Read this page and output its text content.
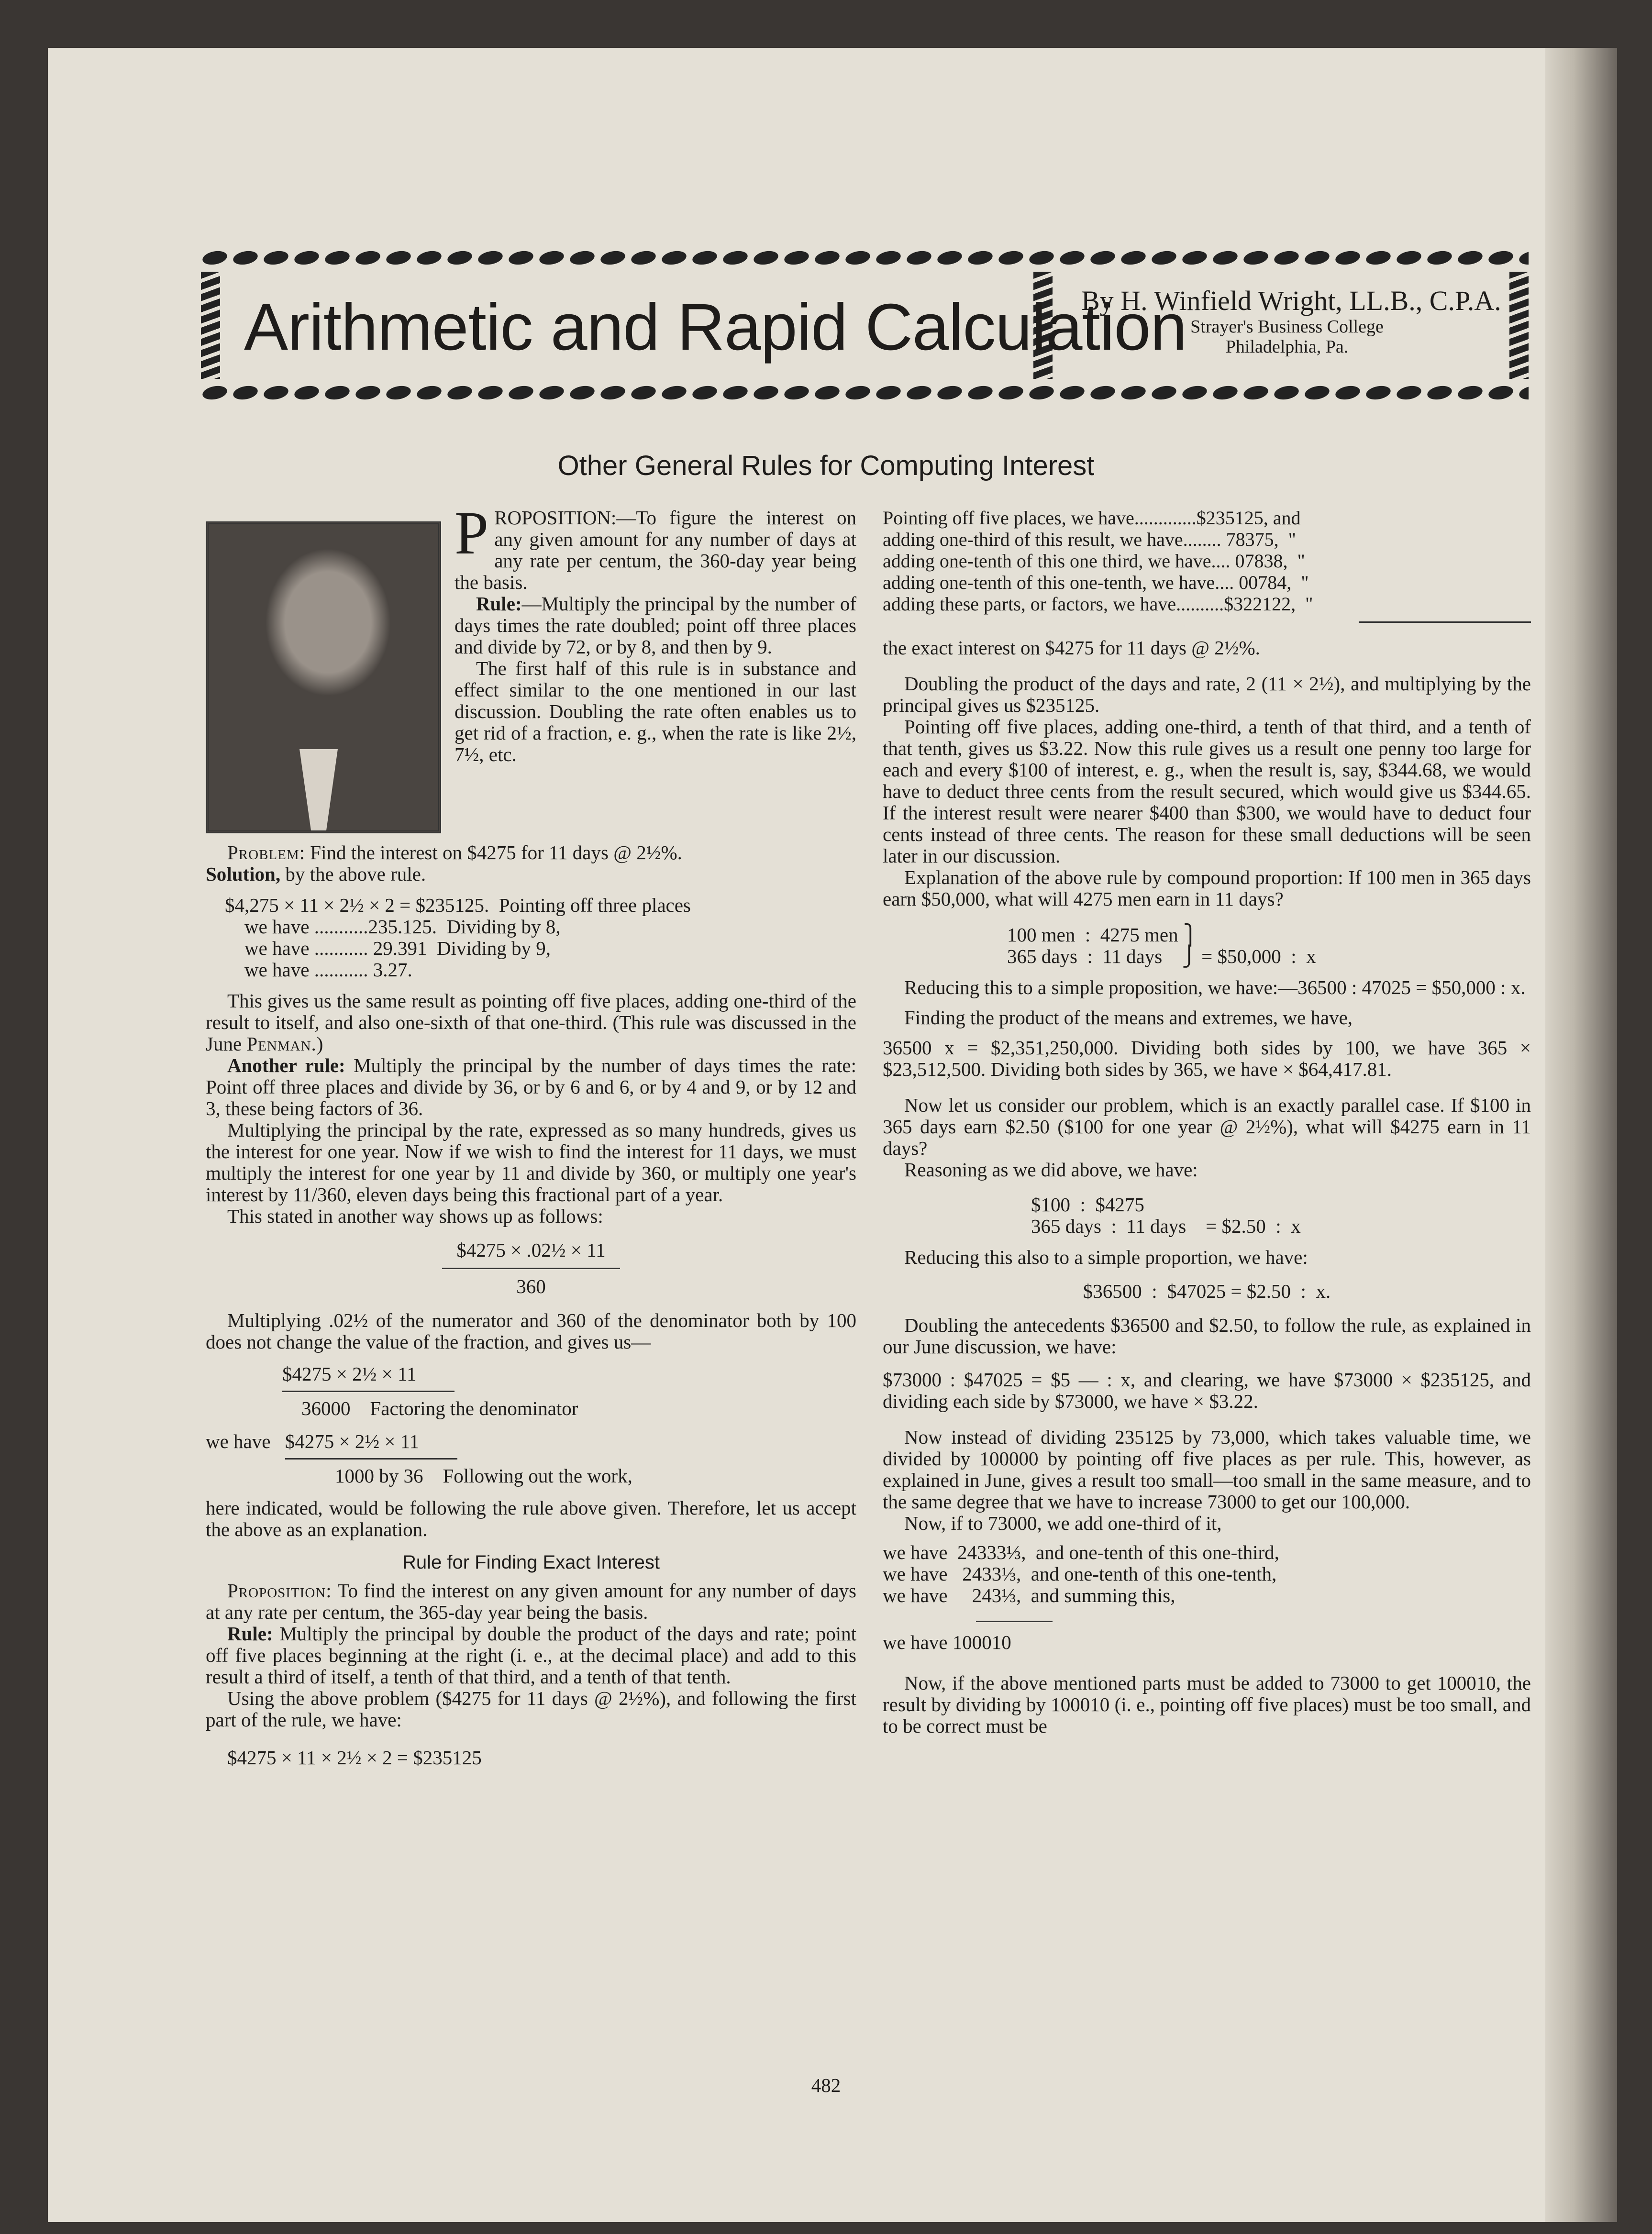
Arithmetic and Rapid Calculation
By H. Winfield Wright, LL.B., C.P.A.
Strayer's Business College
Philadelphia, Pa.
Other General Rules for Computing Interest

PROPOSITION:—To figure the interest on any given amount for any number of days at any rate per centum, the 360-day year being the basis.

Rule:—Multiply the principal by the number of days times the rate doubled; point off three places and divide by 72, or by 8, and then by 9.

The first half of this rule is in substance and effect similar to the one mentioned in our last discussion. Doubling the rate often enables us to get rid of a fraction, e. g., when the rate is like 2½, 7½, etc.

Problem: Find the interest on $4275 for 11 days @ 2½%.

Solution, by the above rule.

$4,275 × 11 × 2½ × 2 = $235125.  Pointing off three places
we have ...........235.125.  Dividing by 8,
we have ........... 29.391  Dividing by 9,
we have ........... 3.27.

This gives us the same result as pointing off five places, adding one-third of the result to itself, and also one-sixth of that one-third. (This rule was discussed in the June Penman.)

Another rule: Multiply the principal by the number of days times the rate: Point off three places and divide by 36, or by 6 and 6, or by 4 and 9, or by 12 and 3, these being factors of 36.

Multiplying the principal by the rate, expressed as so many hundreds, gives us the interest for one year. Now if we wish to find the interest for 11 days, we must multiply the interest for one year by 11 and divide by 360, or multiply one year's interest by 11/360, eleven days being this fractional part of a year.

This stated in another way shows up as follows:

$4275 × .02½ × 11
360

Multiplying .02½ of the numerator and 360 of the denominator both by 100 does not change the value of the fraction, and gives us—

$4275 × 2½ × 11
36000    Factoring the denominator
we have $4275 × 2½ × 11
1000 by 36    Following out the work,

here indicated, would be following the rule above given. Therefore, let us accept the above as an explanation.

Rule for Finding Exact Interest

Proposition: To find the interest on any given amount for any number of days at any rate per centum, the 365-day year being the basis.

Rule: Multiply the principal by double the product of the days and rate; point off five places beginning at the right (i. e., at the decimal place) and add to this result a third of itself, a tenth of that third, and a tenth of that tenth.

Using the above problem ($4275 for 11 days @ 2½%), and following the first part of the rule, we have:

$4275 × 11 × 2½ × 2 = $235125
Pointing off five places, we have.............$235125, and
adding one-third of this result, we have........ 78375,  "
adding one-tenth of this one third, we have.... 07838,  "
adding one-tenth of this one-tenth, we have.... 00784,  "
adding these parts, or factors, we have..........$322122,  "

the exact interest on $4275 for 11 days @ 2½%.

Doubling the product of the days and rate, 2 (11 × 2½), and multiplying by the principal gives us $235125.

Pointing off five places, adding one-third, a tenth of that third, and a tenth of that tenth, gives us $3.22. Now this rule gives us a result one penny too large for each and every $100 of interest, e. g., when the result is, say, $344.68, we would have to deduct three cents from the result secured, which would give us $344.65. If the interest result were nearer $400 than $300, we would have to deduct four cents instead of three cents. The reason for these small deductions will be seen later in our discussion.

Explanation of the above rule by compound proportion: If 100 men in 365 days earn $50,000, what will 4275 men earn in 11 days?

100 men  :  4275 men ⎫
365 days  :  11 days    ⎭ = $50,000  :  x

Reducing this to a simple proposition, we have:—36500 : 47025 = $50,000 : x.

Finding the product of the means and extremes, we have,

36500 x = $2,351,250,000. Dividing both sides by 100, we have 365 × $23,512,500. Dividing both sides by 365, we have × $64,417.81.

Now let us consider our problem, which is an exactly parallel case. If $100 in 365 days earn $2.50 ($100 for one year @ 2½%), what will $4275 earn in 11 days?

Reasoning as we did above, we have:

$100  :  $4275
365 days  :  11 days    = $2.50  :  x

Reducing this also to a simple proportion, we have:

$36500  :  $47025 = $2.50  :  x.

Doubling the antecedents $36500 and $2.50, to follow the rule, as explained in our June discussion, we have:

$73000 : $47025 = $5 — : x, and clearing, we have $73000 × $235125, and dividing each side by $73000, we have × $3.22.

Now instead of dividing 235125 by 73,000, which takes valuable time, we divided by 100000 by pointing off five places as per rule. This, however, as explained in June, gives a result too small—too small in the same measure, and to the same degree that we have to increase 73000 to get our 100,000.

Now, if to 73000, we add one-third of it,

we have  24333⅓,  and one-tenth of this one-third,
we have   2433⅓,  and one-tenth of this one-tenth,
we have     243⅓,  and summing this,

we have 100010

Now, if the above mentioned parts must be added to 73000 to get 100010, the result by dividing by 100010 (i. e., pointing off five places) must be too small, and to be correct must be

482
